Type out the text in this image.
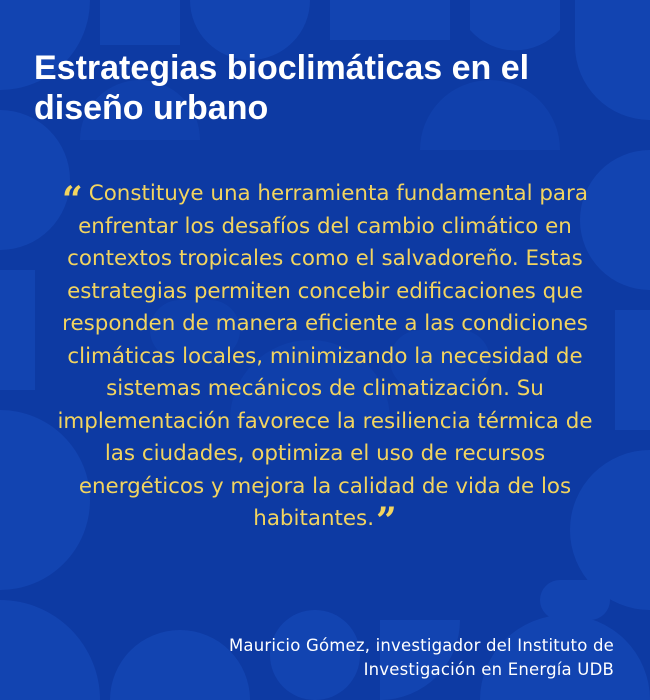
Estrategias bioclimáticas en el diseño urbano
“ Constituye una herramienta fundamental para enfrentar los desafíos del cambio climático en contextos tropicales como el salvadoreño. Estas estrategias permiten concebir edificaciones que responden de manera eficiente a las condiciones climáticas locales, minimizando la necesidad de sistemas mecánicos de climatización. Su implementación favorece la resiliencia térmica de las ciudades, optimiza el uso de recursos energéticos y mejora la calidad de vida de los habitantes.”
Mauricio Gómez, investigador del Instituto de
Investigación en Energía UDB
